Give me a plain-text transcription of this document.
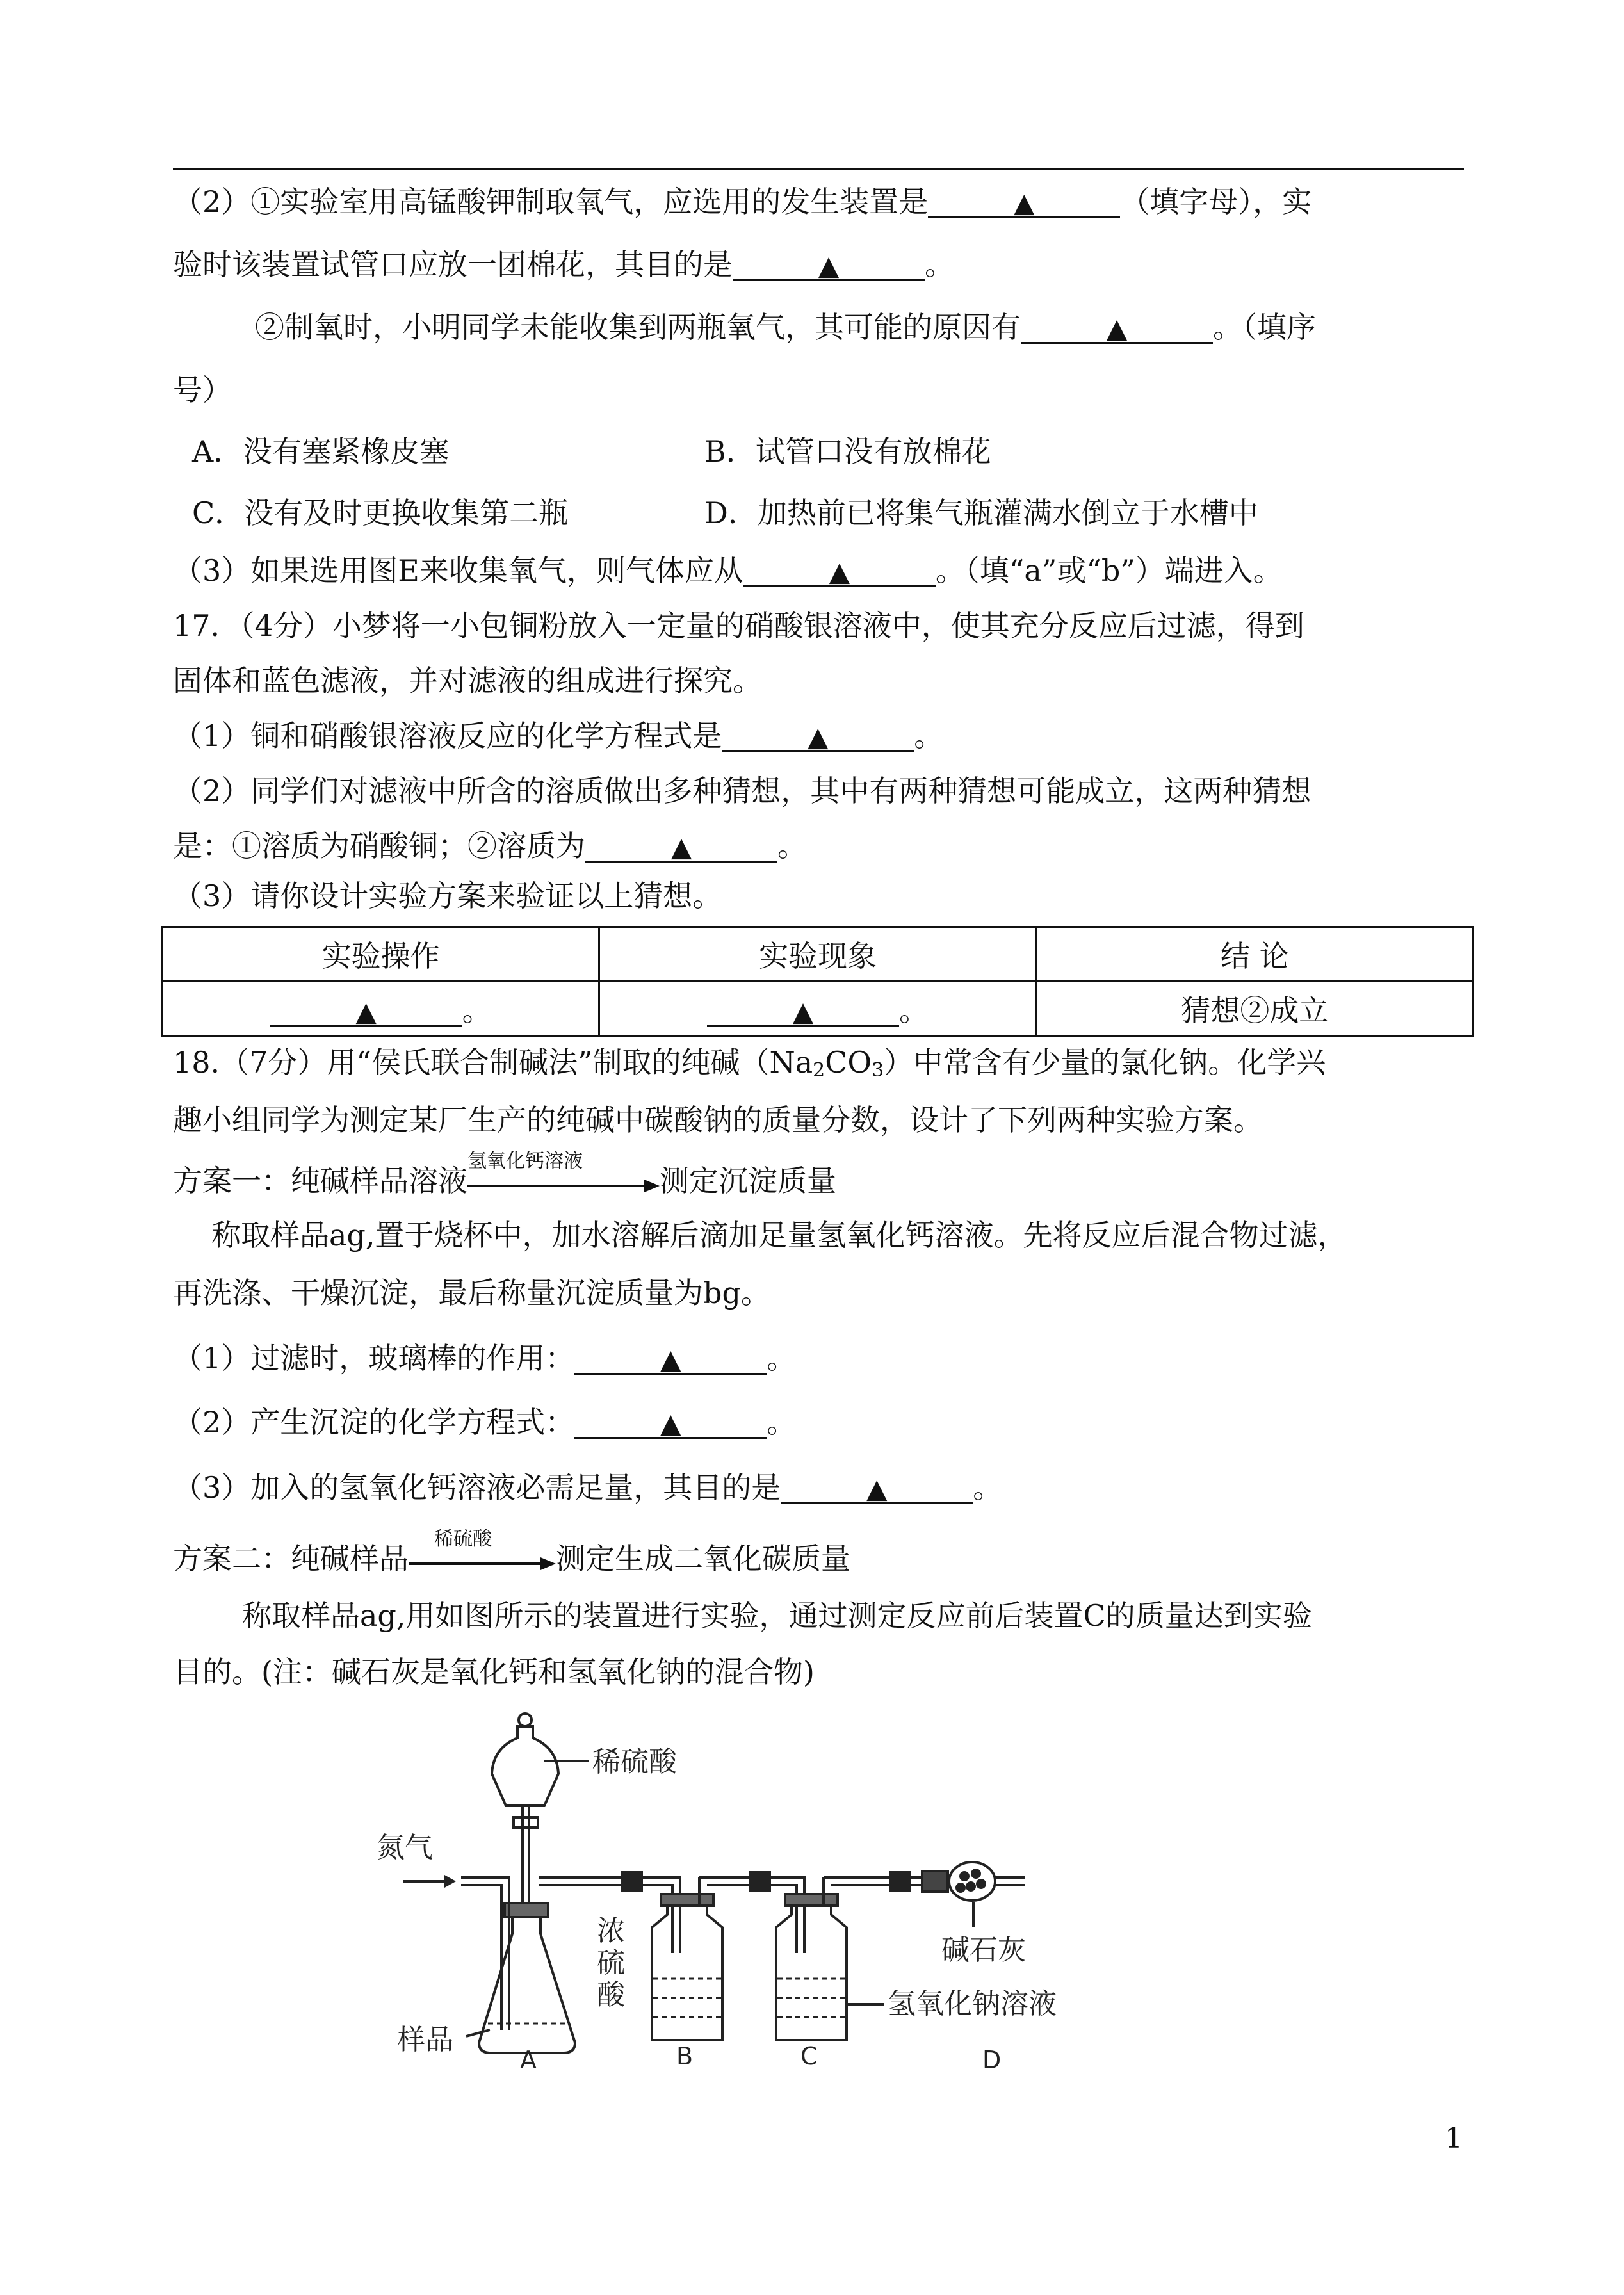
（2）①实验室用高锰酸钾制取氧气，应选用的发生装置是	▲	（填字母），实
验时该装置试管口应放一团棉花，其目的是	▲	。
②制氧时，小明同学未能收集到两瓶氧气，其可能的原因有	▲	。（填序
号）
A．没有塞紧橡皮塞	B．试管口没有放棉花
C．没有及时更换收集第二瓶	D．加热前已将集气瓶灌满水倒立于水槽中
（3）如果选用图E来收集氧气，则气体应从	▲	。（填“a”或“b”）端进入。
17．（4分）小梦将一小包铜粉放入一定量的硝酸银溶液中，使其充分反应后过滤，得到
固体和蓝色滤液，并对滤液的组成进行探究。
（1）铜和硝酸银溶液反应的化学方程式是	▲	。
（2）同学们对滤液中所含的溶质做出多种猜想，其中有两种猜想可能成立，这两种猜想
是：①溶质为硝酸铜；②溶质为	▲	。
（3）请你设计实验方案来验证以上猜想。
实验操作	实验现象	结 论
▲ 。	▲ 。	猜想②成立
18.（7分）用“侯氏联合制碱法”制取的纯碱$(Na_2CO_3)$中常含有少量的氯化钠。化学兴
趣小组同学为测定某厂生产的纯碱中碳酸钠的质量分数，设计了下列两种实验方案。
方案一：纯碱样品溶液
氢氧化钙溶液
测定沉淀质量
称取样品ag,置于烧杯中，加水溶解后滴加足量氢氧化钙溶液。先将反应后混合物过滤，
再洗涤、干燥沉淀，最后称量沉淀质量为bg。
（1）过滤时，玻璃棒的作用：	▲	。
（2）产生沉淀的化学方程式：	▲	。
（3）加入的氢氧化钙溶液必需足量，其目的是	▲	。
方案二：纯碱样品
稀硫酸
测定生成二氧化碳质量
称取样品ag,用如图所示的装置进行实验，通过测定反应前后装置C的质量达到实验
目的。(注：碱石灰是氧化钙和氢氧化钠的混合物)
稀硫酸
氮气
碱石灰
浓
硫
酸	氢氧化钠溶液
样品
A	B	C	D
1
